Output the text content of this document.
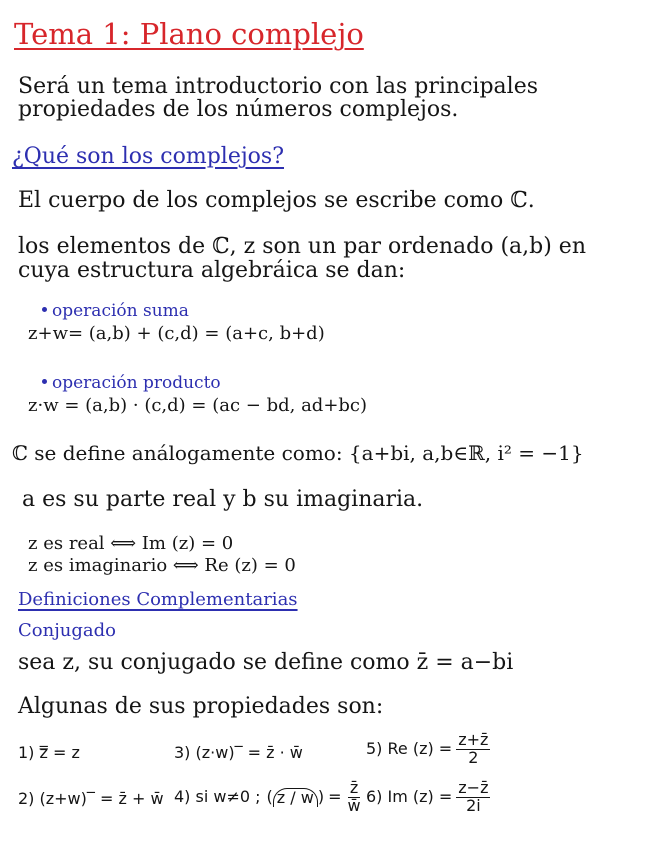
Tema 1: Plano complejo
Será un tema introductorio con las principales
propiedades de los números complejos.
¿Qué son los complejos?
El cuerpo de los complejos se escribe como ℂ.
los elementos de ℂ, z son un par ordenado (a,b) en
cuya estructura algebráica se dan:
operación suma
z+w= (a,b) + (c,d) = (a+c, b+d)
operación producto
z·w = (a,b) · (c,d) = (ac − bd, ad+bc)
ℂ se define análogamente como: {a+bi, a,b∈ℝ, i² = −1}
a es su parte real y b su imaginaria.
z es real ⟺ Im (z) = 0
z es imaginario ⟺ Re (z) = 0
Definiciones Complementarias
Conjugado
sea z, su conjugado se define como z̄ = a−bi
Algunas de sus propiedades son:
1) z̿ = z	3) (z·w)‾ = z̄ · w̄	5) Re $(z) = \frac{z+z̄}{2}$
2) (z+w)‾ = z̄ + w̄ 4) si w≠0 ; ( z / w ) = $\frac{z̄}{w̄} 6$) Im $(z) = \frac{z-z̄}{2i}$
